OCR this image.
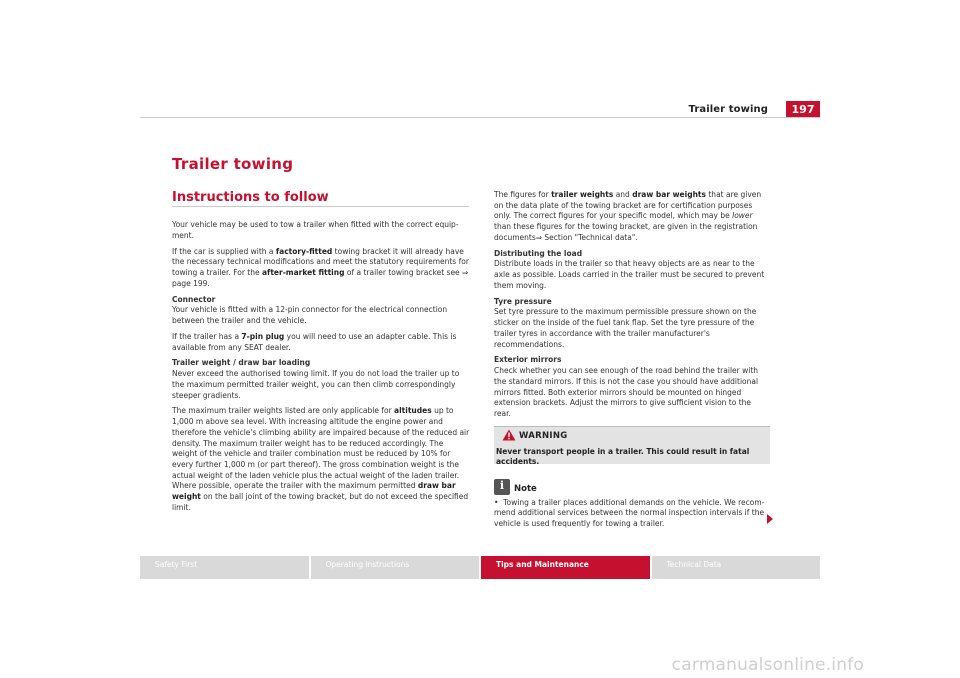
Trailer towing	197
Trailer towing
Instructions to follow

Your vehicle may be used to tow a trailer when fitted with the correct equip-ment.

If the car is supplied with a factory-fitted towing bracket it will already have the necessary technical modifications and meet the statutory requirements for towing a trailer. For the after-market fitting of a trailer towing bracket see ⇒ page 199.

Connector

Your vehicle is fitted with a 12-pin connector for the electrical connection between the trailer and the vehicle.

If the trailer has a 7-pin plug you will need to use an adapter cable. This is available from any SEAT dealer.

Trailer weight / draw bar loading

Never exceed the authorised towing limit. If you do not load the trailer up to the maximum permitted trailer weight, you can then climb correspondingly steeper gradients.

The maximum trailer weights listed are only applicable for altitudes up to 1,000 m above sea level. With increasing altitude the engine power and therefore the vehicle's climbing ability are impaired because of the reduced air density. The maximum trailer weight has to be reduced accordingly. The weight of the vehicle and trailer combination must be reduced by 10% for every further 1,000 m (or part thereof). The gross combination weight is the actual weight of the laden vehicle plus the actual weight of the laden trailer. Where possible, operate the trailer with the maximum permitted draw bar weight on the ball joint of the towing bracket, but do not exceed the specified limit.

The figures for trailer weights and draw bar weights that are given on the data plate of the towing bracket are for certification purposes only. The correct figures for your specific model, which may be lower than these figures for the towing bracket, are given in the registration documents⇒ Section "Technical data".

Distributing the load

Distribute loads in the trailer so that heavy objects are as near to the axle as possible. Loads carried in the trailer must be secured to prevent them moving.

Tyre pressure

Set tyre pressure to the maximum permissible pressure shown on the sticker on the inside of the fuel tank flap. Set the tyre pressure of the trailer tyres in accordance with the trailer manufacturer's recommendations.

Exterior mirrors

Check whether you can see enough of the road behind the trailer with the standard mirrors. If this is not the case you should have additional mirrors fitted. Both exterior mirrors should be mounted on hinged extension brackets. Adjust the mirrors to give sufficient vision to the rear.

WARNING
Never transport people in a trailer. This could result in fatal accidents.
i	Note

• Towing a trailer places additional demands on the vehicle. We recom-mend additional services between the normal inspection intervals if the vehicle is used frequently for towing a trailer.

Safety First	Operating instructions	Tips and Maintenance	Technical Data
carmanualsonline.info
